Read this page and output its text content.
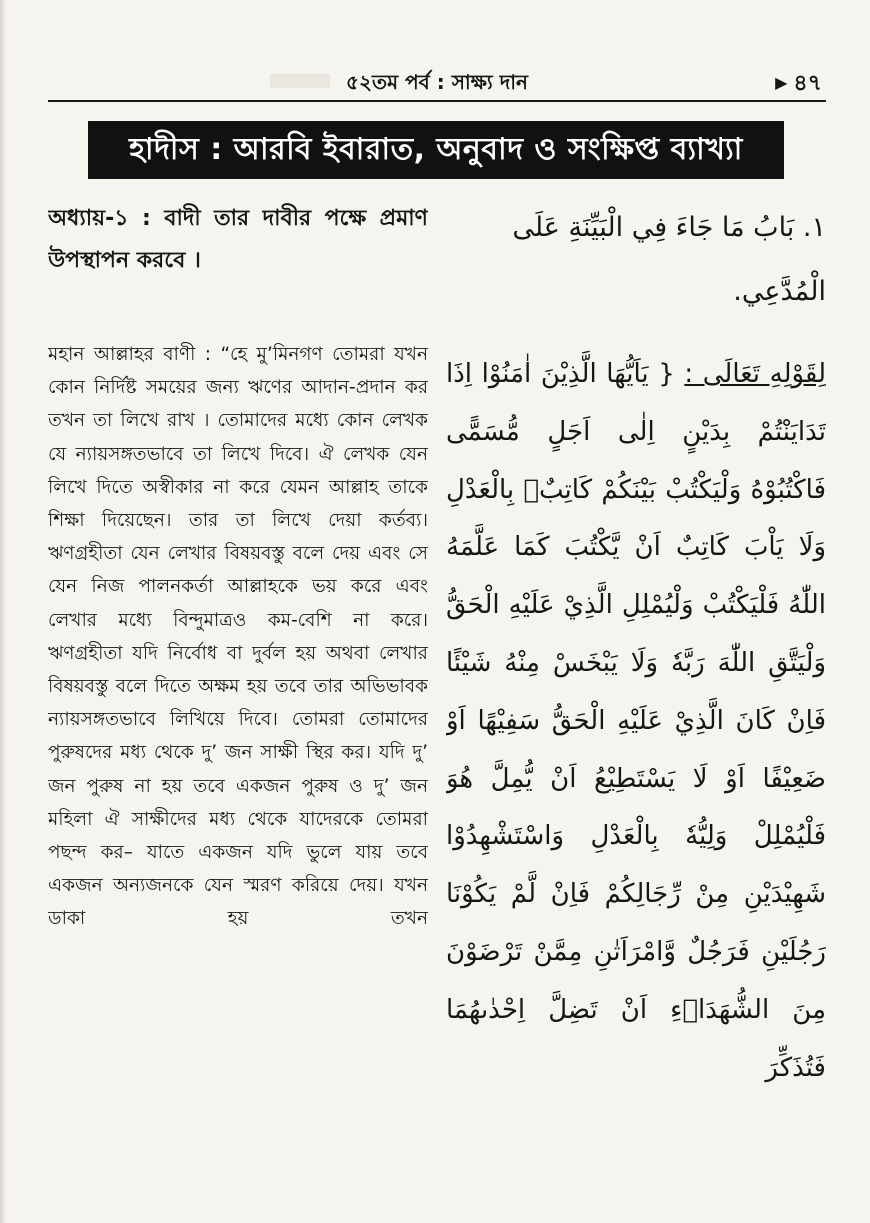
৫২তম পর্ব : সাক্ষ্য দান	▶ ৪৭
হাদীস : আরবি ইবারাত, অনুবাদ ও সংক্ষিপ্ত ব্যাখ্যা

অধ্যায়-১ : বাদী তার দাবীর পক্ষে প্রমাণ উপস্থাপন করবে ।

মহান আল্লাহর বাণী : “হে মু’মিনগণ তোমরা যখন কোন নির্দিষ্ট সময়ের জন্য ঋণের আদান-প্রদান কর তখন তা লিখে রাখ । তোমাদের মধ্যে কোন লেখক যে ন্যায়সঙ্গতভাবে তা লিখে দিবে। ঐ লেখক যেন লিখে দিতে অস্বীকার না করে যেমন আল্লাহ তাকে শিক্ষা দিয়েছেন। তার তা লিখে দেয়া কর্তব্য। ঋণগ্রহীতা যেন লেখার বিষয়বস্তু বলে দেয় এবং সে যেন নিজ পালনকর্তা আল্লাহকে ভয় করে এবং লেখার মধ্যে বিন্দুমাত্রও কম-বেশি না করে। ঋণগ্রহীতা যদি নির্বোধ বা দুর্বল হয় অথবা লেখার বিষয়বস্তু বলে দিতে অক্ষম হয় তবে তার অভিভাবক ন্যায়সঙ্গতভাবে লিখিয়ে দিবে। তোমরা তোমাদের পুরুষদের মধ্য থেকে দু’ জন সাক্ষী স্থির কর। যদি দু’ জন পুরুষ না হয় তবে একজন পুরুষ ও দু’ জন মহিলা ঐ সাক্ষীদের মধ্য থেকে যাদেরকে তোমরা পছন্দ কর– যাতে একজন যদি ভুলে যায় তবে একজন অন্যজনকে যেন স্মরণ করিয়ে দেয়। যখন ডাকা হয় তখন

١. بَابُ مَا جَاءَ فِي الْبَيِّنَةِ عَلَى الْمُدَّعِي.

لِقَوْلِهِ تَعَالَى : { يَاَيُّهَا الَّذِيْنَ اٰمَنُوْا اِذَا تَدَايَنْتُمْ بِدَيْنٍ اِلٰى اَجَلٍ مُّسَمًّى فَاكْتُبُوْهُ وَلْيَكْتُبْ بَيْنَكُمْ كَاتِبٌۢ بِالْعَدْلِ وَلَا يَاْبَ كَاتِبٌ اَنْ يَّكْتُبَ كَمَا عَلَّمَهُ اللّٰهُ فَلْيَكْتُبْ وَلْيُمْلِلِ الَّذِيْ عَلَيْهِ الْحَقُّ وَلْيَتَّقِ اللّٰهَ رَبَّهٗ وَلَا يَبْخَسْ مِنْهُ شَيْئًا فَاِنْ كَانَ الَّذِيْ عَلَيْهِ الْحَقُّ سَفِيْهًا اَوْ ضَعِيْفًا اَوْ لَا يَسْتَطِيْعُ اَنْ يُّمِلَّ هُوَ فَلْيُمْلِلْ وَلِيُّهٗ بِالْعَدْلِ وَاسْتَشْهِدُوْا شَهِيْدَيْنِ مِنْ رِّجَالِكُمْ فَاِنْ لَّمْ يَكُوْنَا رَجُلَيْنِ فَرَجُلٌ وَّامْرَاَتٰنِ مِمَّنْ تَرْضَوْنَ مِنَ الشُّهَدَاۤءِ اَنْ تَضِلَّ اِحْدٰىهُمَا فَتُذَكِّرَ
